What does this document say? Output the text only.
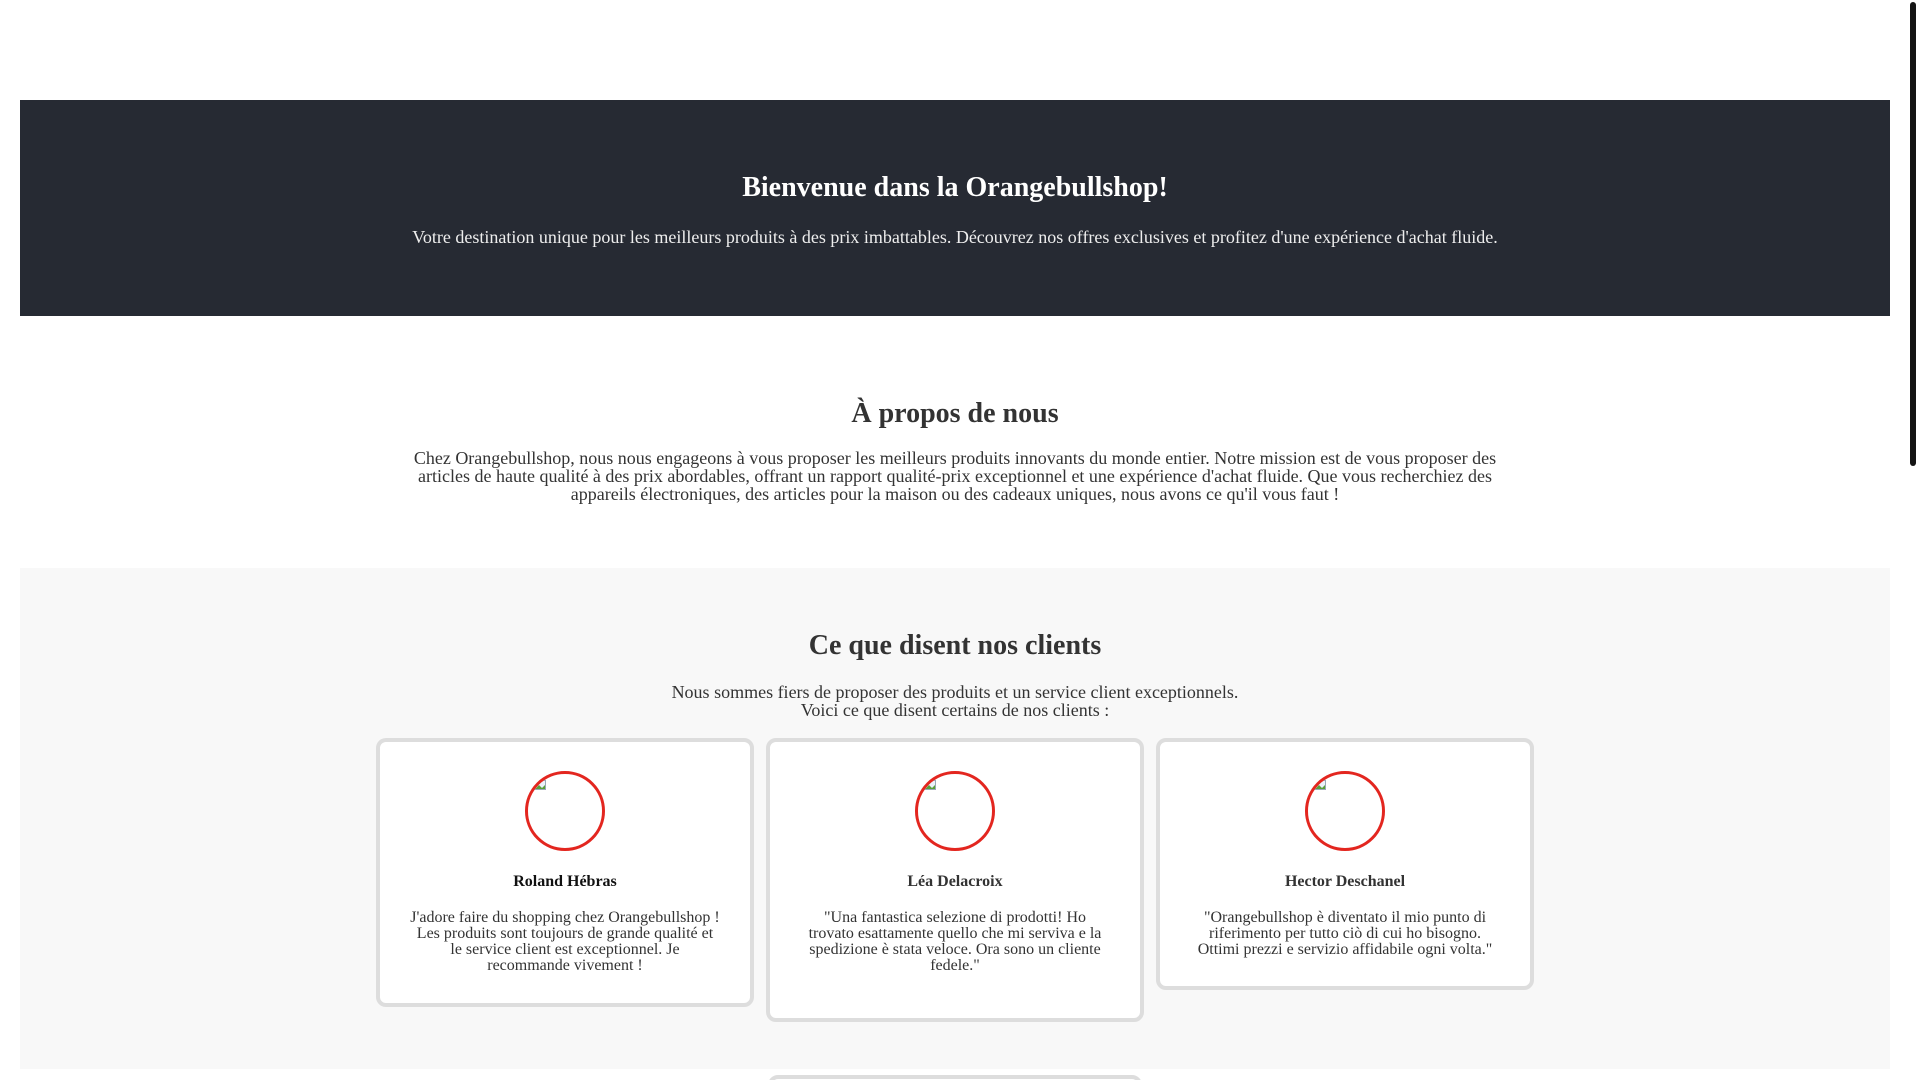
Bienvenue dans la Orangebullshop!

Votre destination unique pour les meilleurs produits à des prix imbattables. Découvrez nos offres exclusives et profitez d'une expérience d'achat fluide.

À propos de nous

Chez Orangebullshop, nous nous engageons à vous proposer les meilleurs produits innovants du monde entier. Notre mission est de vous proposer des articles de haute qualité à des prix abordables, offrant un rapport qualité-prix exceptionnel et une expérience d'achat fluide. Que vous recherchiez des appareils électroniques, des articles pour la maison ou des cadeaux uniques, nous avons ce qu'il vous faut !

Ce que disent nos clients

Nous sommes fiers de proposer des produits et un service client exceptionnels.
Voici ce que disent certains de nos clients :

Roland Hébras

J'adore faire du shopping chez Orangebullshop ! Les produits sont toujours de grande qualité et le service client est exceptionnel. Je recommande vivement !

Léa Delacroix

"Una fantastica selezione di prodotti! Ho trovato esattamente quello che mi serviva e la spedizione è stata veloce. Ora sono un cliente fedele."

Hector Deschanel

"Orangebullshop è diventato il mio punto di riferimento per tutto ciò di cui ho bisogno. Ottimi prezzi e servizio affidabile ogni volta."
